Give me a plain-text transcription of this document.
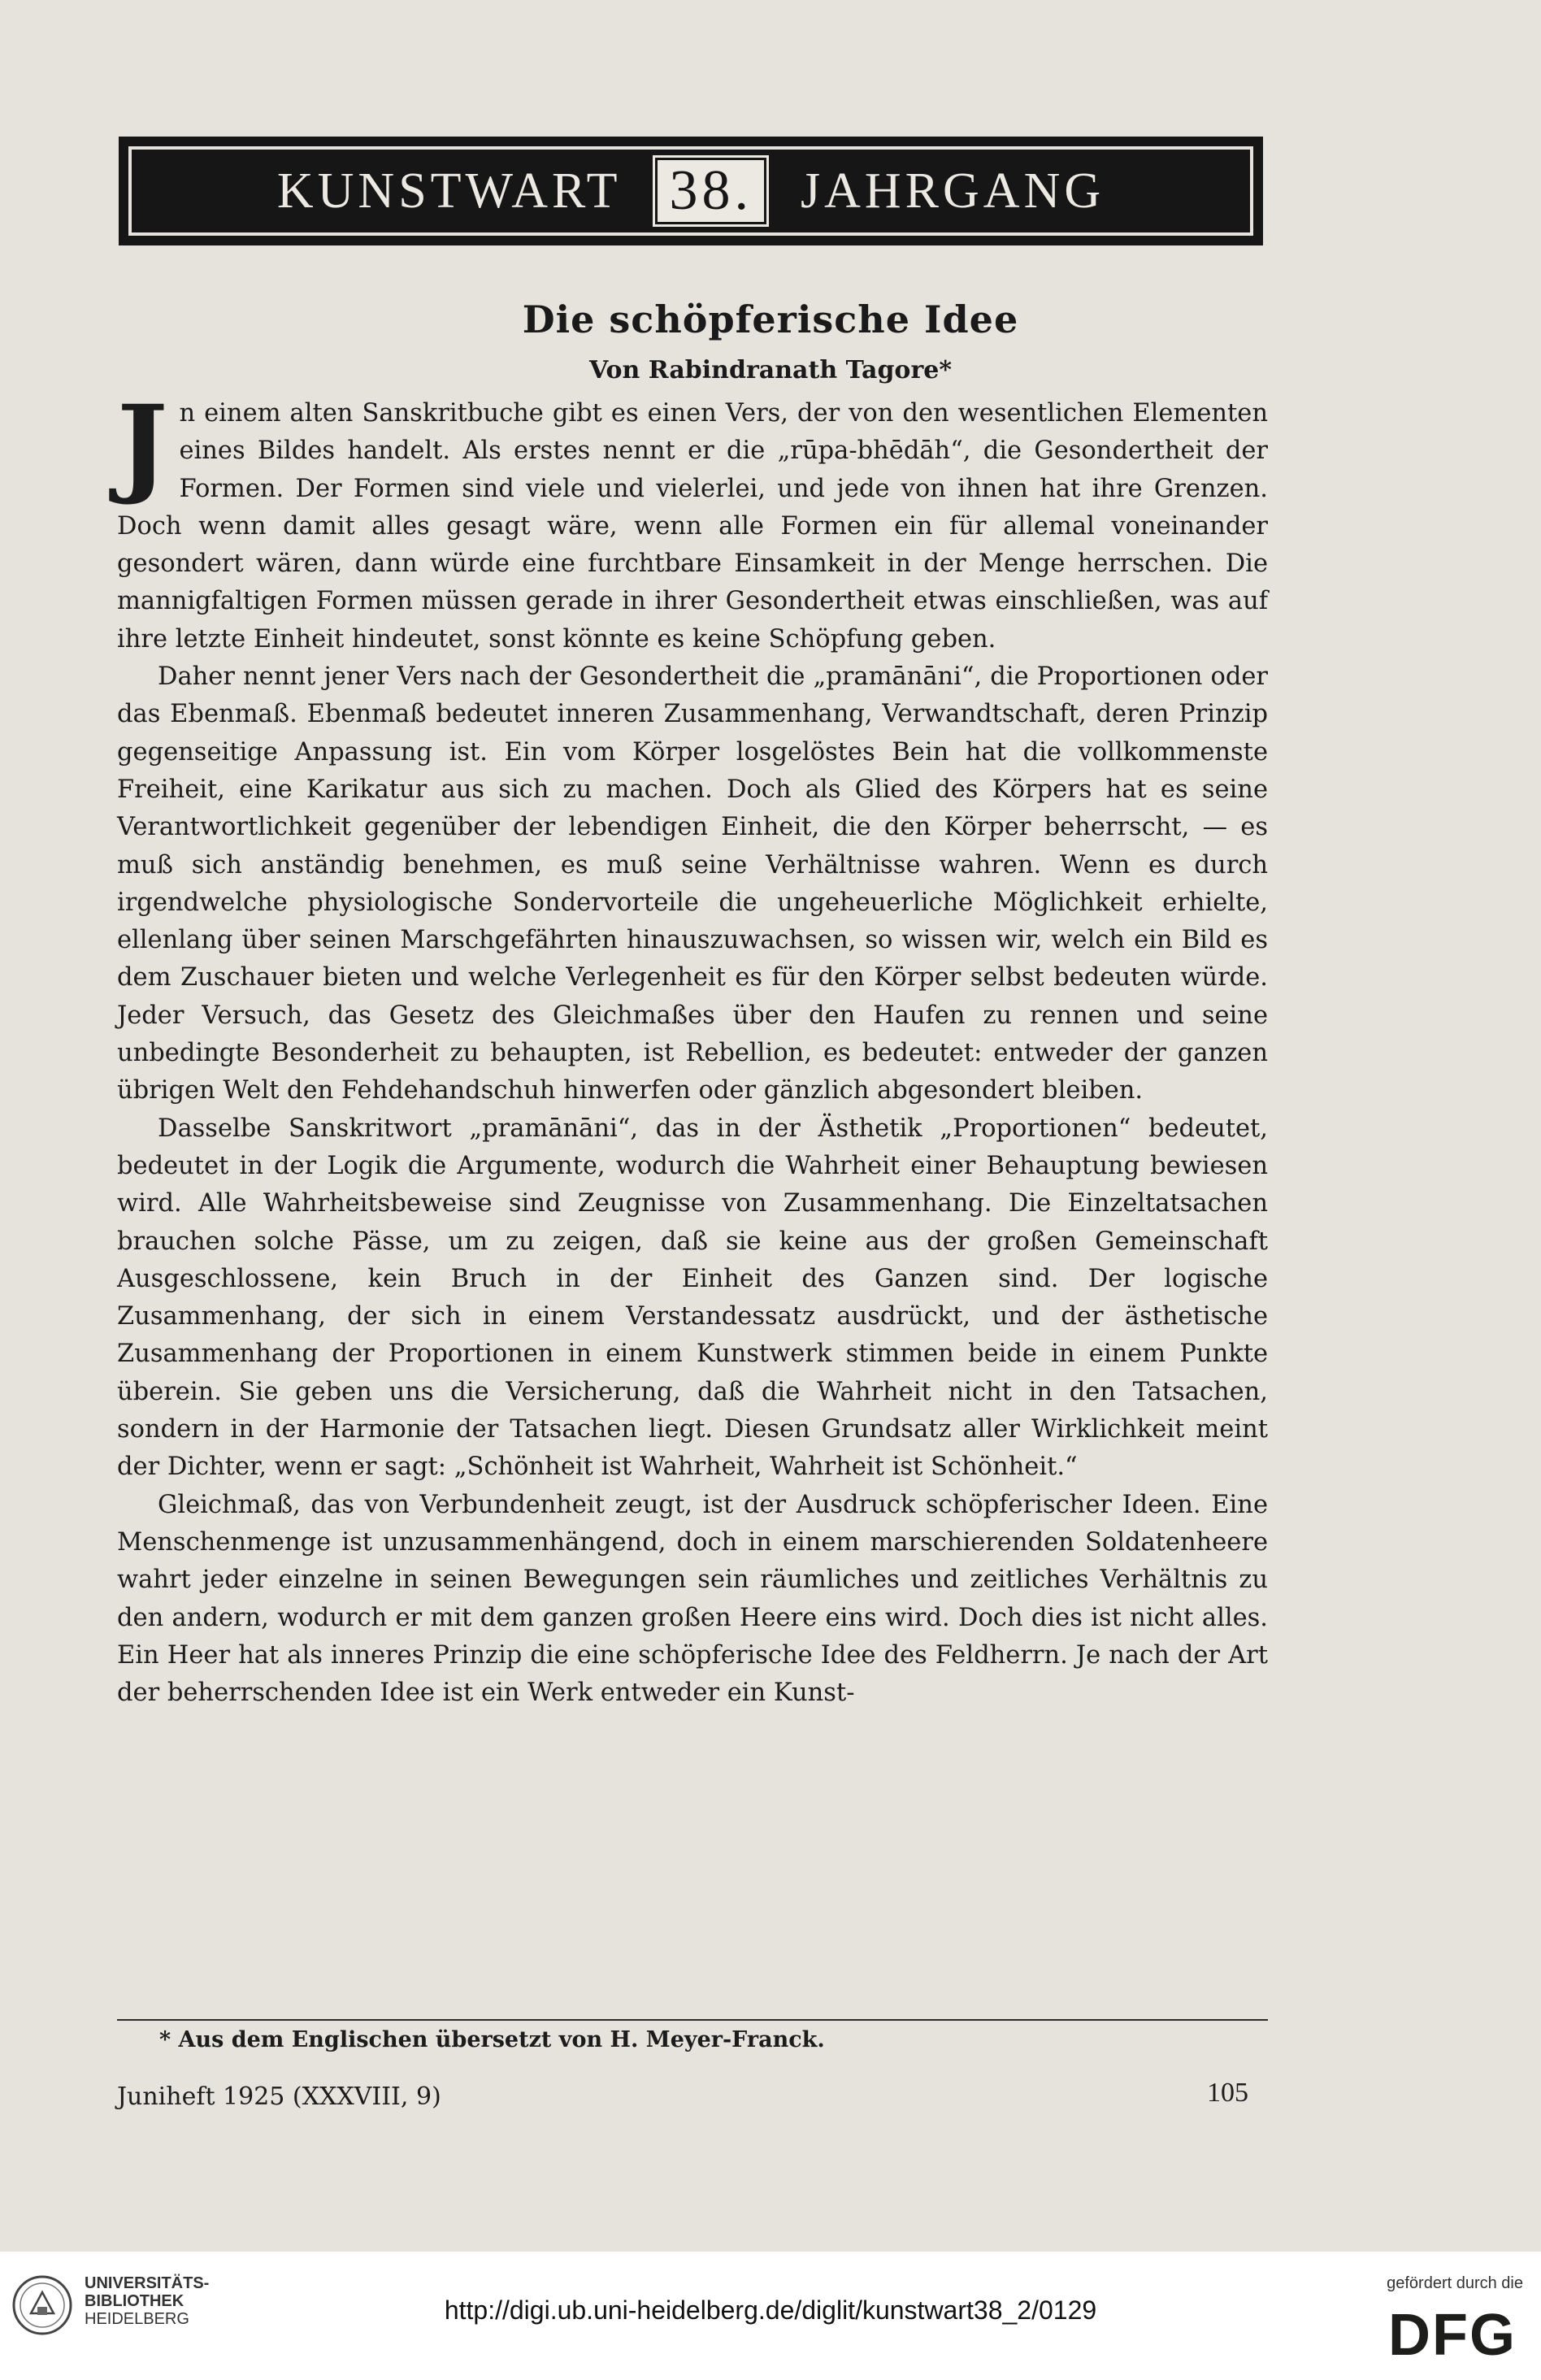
KUNSTWART 38. JAHRGANG
Die schöpferische Idee
Von Rabindranath Tagore*

Jn einem alten Sanskritbuche gibt es einen Vers, der von den wesentlichen Elementen eines Bildes handelt. Als erstes nennt er die „rūpa-bhēdāh“, die Gesondertheit der Formen. Der Formen sind viele und vielerlei, und jede von ihnen hat ihre Grenzen. Doch wenn damit alles gesagt wäre, wenn alle Formen ein für allemal voneinander gesondert wären, dann würde eine furchtbare Einsamkeit in der Menge herrschen. Die mannigfaltigen Formen müssen gerade in ihrer Gesondertheit etwas einschließen, was auf ihre letzte Einheit hindeutet, sonst könnte es keine Schöpfung geben.

Daher nennt jener Vers nach der Gesondertheit die „pramānāni“, die Proportionen oder das Ebenmaß. Ebenmaß bedeutet inneren Zusammenhang, Verwandtschaft, deren Prinzip gegenseitige Anpassung ist. Ein vom Körper losgelöstes Bein hat die vollkommenste Freiheit, eine Karikatur aus sich zu machen. Doch als Glied des Körpers hat es seine Verantwortlichkeit gegenüber der lebendigen Einheit, die den Körper beherrscht, — es muß sich anständig benehmen, es muß seine Verhältnisse wahren. Wenn es durch irgendwelche physiologische Sondervorteile die ungeheuerliche Möglichkeit erhielte, ellenlang über seinen Marschgefährten hinauszuwachsen, so wissen wir, welch ein Bild es dem Zuschauer bieten und welche Verlegenheit es für den Körper selbst bedeuten würde. Jeder Versuch, das Gesetz des Gleichmaßes über den Haufen zu rennen und seine unbedingte Besonderheit zu behaupten, ist Rebellion, es bedeutet: entweder der ganzen übrigen Welt den Fehdehandschuh hinwerfen oder gänzlich abgesondert bleiben.

Dasselbe Sanskritwort „pramānāni“, das in der Ästhetik „Proportionen“ bedeutet, bedeutet in der Logik die Argumente, wodurch die Wahrheit einer Behauptung bewiesen wird. Alle Wahrheitsbeweise sind Zeugnisse von Zusammenhang. Die Einzeltatsachen brauchen solche Pässe, um zu zeigen, daß sie keine aus der großen Gemeinschaft Ausgeschlossene, kein Bruch in der Einheit des Ganzen sind. Der logische Zusammenhang, der sich in einem Verstandessatz ausdrückt, und der ästhetische Zusammenhang der Proportionen in einem Kunstwerk stimmen beide in einem Punkte überein. Sie geben uns die Versicherung, daß die Wahrheit nicht in den Tatsachen, sondern in der Harmonie der Tatsachen liegt. Diesen Grundsatz aller Wirklichkeit meint der Dichter, wenn er sagt: „Schönheit ist Wahrheit, Wahrheit ist Schönheit.“

Gleichmaß, das von Verbundenheit zeugt, ist der Ausdruck schöpferischer Ideen. Eine Menschenmenge ist unzusammenhängend, doch in einem marschierenden Soldatenheere wahrt jeder einzelne in seinen Bewegungen sein räumliches und zeitliches Verhältnis zu den andern, wodurch er mit dem ganzen großen Heere eins wird. Doch dies ist nicht alles. Ein Heer hat als inneres Prinzip die eine schöpferische Idee des Feldherrn. Je nach der Art der beherrschenden Idee ist ein Werk entweder ein Kunst-

* Aus dem Englischen übersetzt von H. Meyer-Franck.
Juniheft 1925 (XXXVIII, 9)	105
UNIVERSITÄTS-
BIBLIOTHEK
HEIDELBERG	http://digi.ub.uni-heidelberg.de/diglit/kunstwart38_2/0129
gefördert durch die
DFG
